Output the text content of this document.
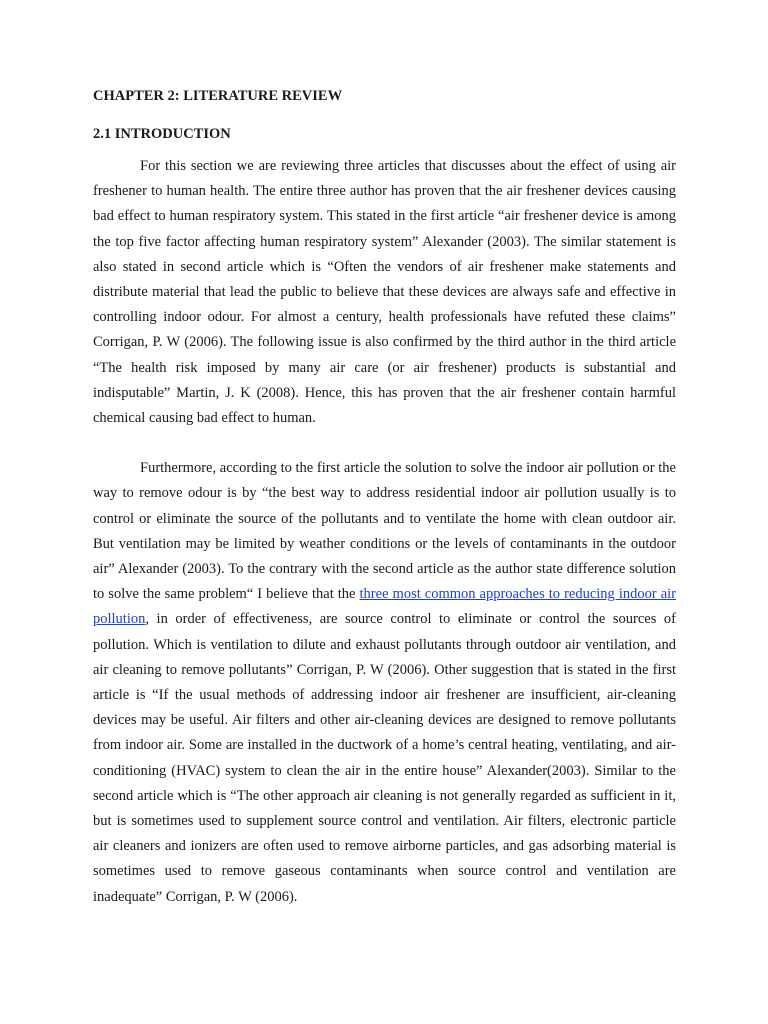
CHAPTER 2: LITERATURE REVIEW
2.1 INTRODUCTION

For this section we are reviewing three articles that discusses about the effect of using air freshener to human health. The entire three author has proven that the air freshener devices causing bad effect to human respiratory system. This stated in the first article “air freshener device is among the top five factor affecting human respiratory system” Alexander (2003). The similar statement is also stated in second article which is “Often the vendors of air freshener make statements and distribute material that lead the public to believe that these devices are always safe and effective in controlling indoor odour. For almost a century, health professionals have refuted these claims” Corrigan, P. W (2006). The following issue is also confirmed by the third author in the third article “The health risk imposed by many air care (or air freshener) products is substantial and indisputable” Martin, J. K (2008). Hence, this has proven that the air freshener contain harmful chemical causing bad effect to human.

Furthermore, according to the first article the solution to solve the indoor air pollution or the way to remove odour is by “the best way to address residential indoor air pollution usually is to control or eliminate the source of the pollutants and to ventilate the home with clean outdoor air. But ventilation may be limited by weather conditions or the levels of contaminants in the outdoor air” Alexander (2003). To the contrary with the second article as the author state difference solution to solve the same problem“ I believe that the three most common approaches to reducing indoor air pollution, in order of effectiveness, are source control to eliminate or control the sources of pollution. Which is ventilation to dilute and exhaust pollutants through outdoor air ventilation, and air cleaning to remove pollutants” Corrigan, P. W (2006). Other suggestion that is stated in the first article is “If the usual methods of addressing indoor air freshener are insufficient, air-cleaning devices may be useful. Air filters and other air-cleaning devices are designed to remove pollutants from indoor air. Some are installed in the ductwork of a home’s central heating, ventilating, and air-conditioning (HVAC) system to clean the air in the entire house” Alexander(2003). Similar to the second article which is “The other approach air cleaning is not generally regarded as sufficient in it, but is sometimes used to supplement source control and ventilation. Air filters, electronic particle air cleaners and ionizers are often used to remove airborne particles, and gas adsorbing material is sometimes used to remove gaseous contaminants when source control and ventilation are inadequate” Corrigan, P. W (2006).
